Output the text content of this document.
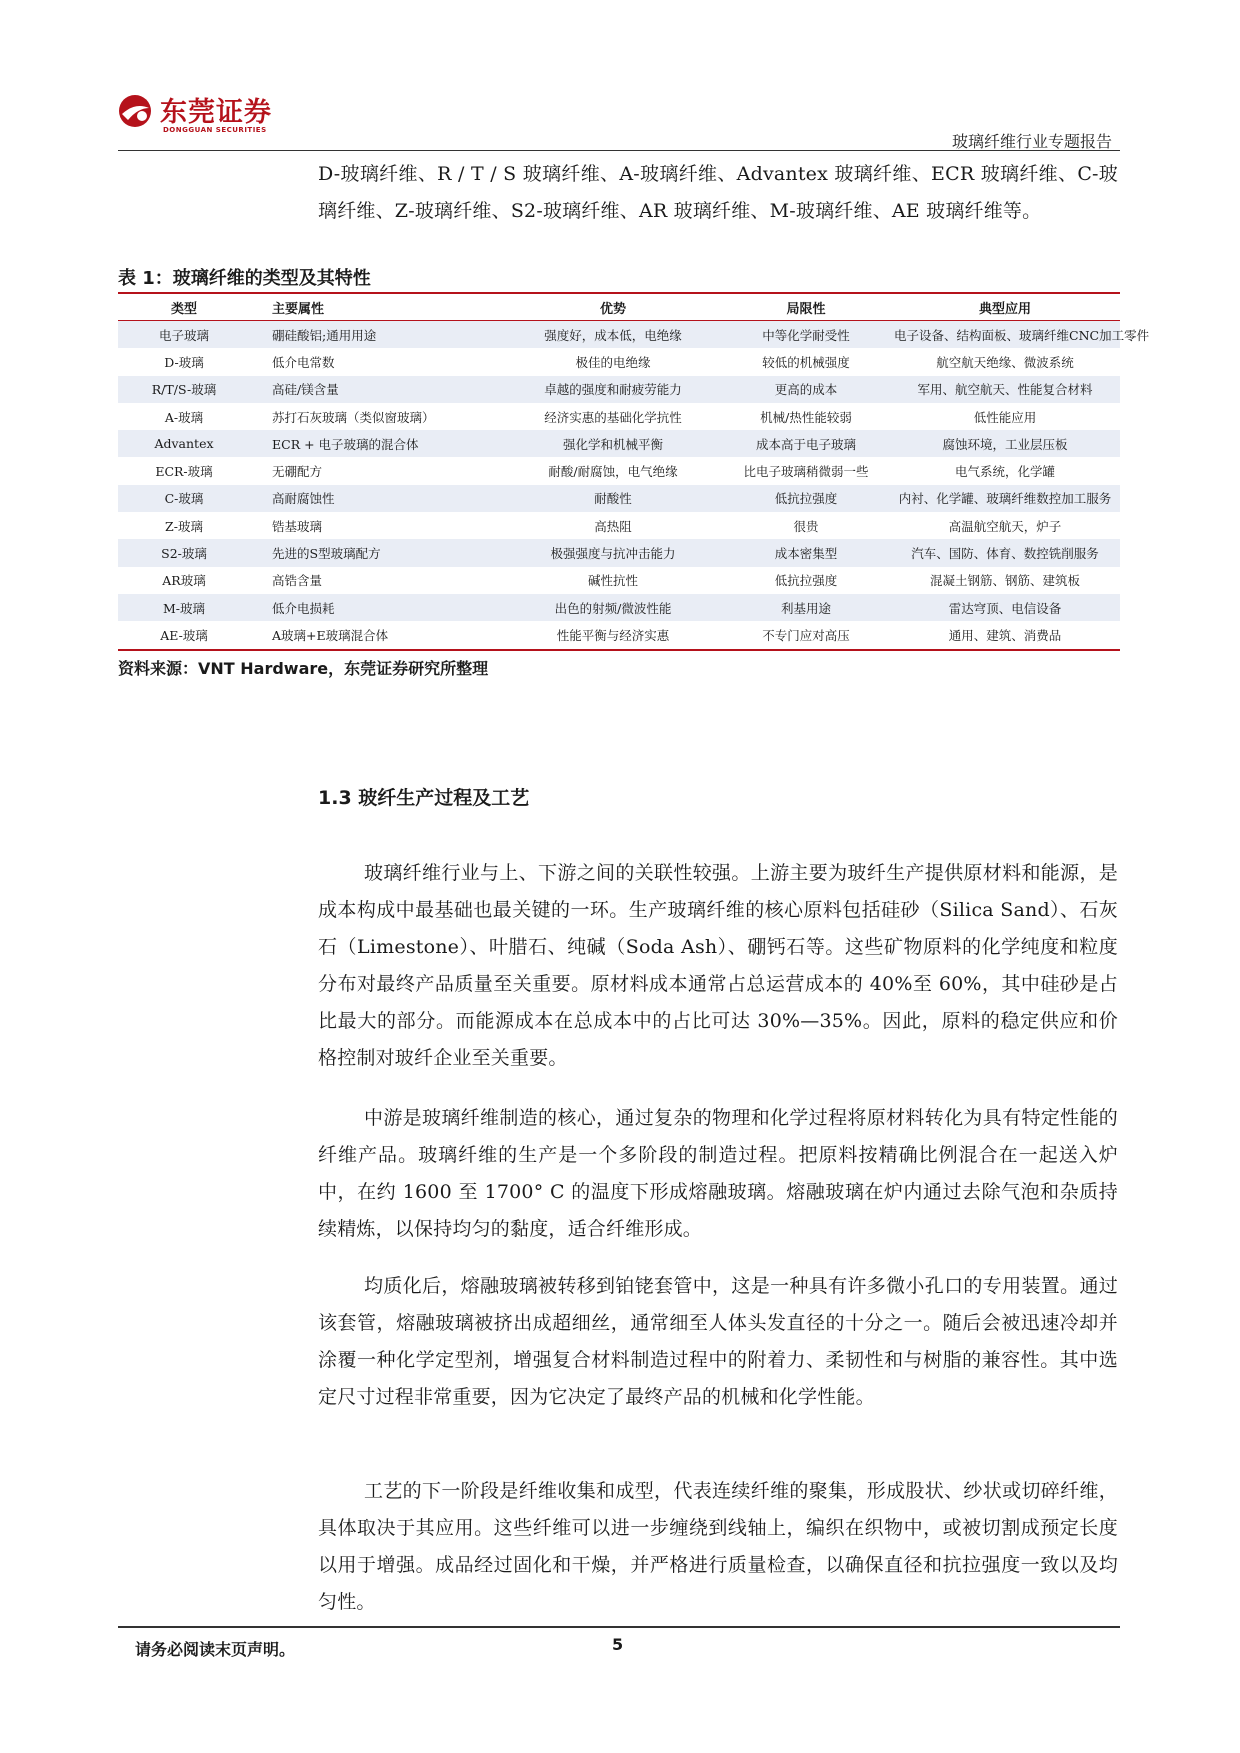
东莞证券
DONGGUAN SECURITIES
玻璃纤维行业专题报告

D-玻璃纤维、R / T / S 玻璃纤维、A-玻璃纤维、Advantex 玻璃纤维、ECR 玻璃纤维、C-玻璃纤维、Z-玻璃纤维、S2-玻璃纤维、AR 玻璃纤维、M-玻璃纤维、AE 玻璃纤维等。

表 1：玻璃纤维的类型及其特性
类型	主要属性	优势	局限性	典型应用
电子玻璃	硼硅酸铝;通用用途	强度好，成本低，电绝缘	中等化学耐受性	电子设备、结构面板、玻璃纤维CNC加工零件
D-玻璃	低介电常数	极佳的电绝缘	较低的机械强度	航空航天绝缘、微波系统
R/T/S-玻璃	高硅/镁含量	卓越的强度和耐疲劳能力	更高的成本	军用、航空航天、性能复合材料
A-玻璃	苏打石灰玻璃（类似窗玻璃）	经济实惠的基础化学抗性	机械/热性能较弱	低性能应用
Advantex	ECR + 电子玻璃的混合体	强化学和机械平衡	成本高于电子玻璃	腐蚀环境，工业层压板
ECR-玻璃	无硼配方	耐酸/耐腐蚀，电气绝缘	比电子玻璃稍微弱一些	电气系统，化学罐
C-玻璃	高耐腐蚀性	耐酸性	低抗拉强度	内衬、化学罐、玻璃纤维数控加工服务
Z-玻璃	锆基玻璃	高热阻	很贵	高温航空航天，炉子
S2-玻璃	先进的S型玻璃配方	极强强度与抗冲击能力	成本密集型	汽车、国防、体育、数控铣削服务
AR玻璃	高锆含量	碱性抗性	低抗拉强度	混凝土钢筋、钢筋、建筑板
M-玻璃	低介电损耗	出色的射频/微波性能	利基用途	雷达穹顶、电信设备
AE-玻璃	A玻璃+E玻璃混合体	性能平衡与经济实惠	不专门应对高压	通用、建筑、消费品
资料来源：VNT Hardware，东莞证券研究所整理
1.3 玻纤生产过程及工艺

玻璃纤维行业与上、下游之间的关联性较强。上游主要为玻纤生产提供原材料和能源，是成本构成中最基础也最关键的一环。生产玻璃纤维的核心原料包括硅砂（Silica Sand）、石灰石（Limestone）、叶腊石、纯碱（Soda Ash）、硼钙石等。这些矿物原料的化学纯度和粒度分布对最终产品质量至关重要。原材料成本通常占总运营成本的 40%至 60%，其中硅砂是占比最大的部分。而能源成本在总成本中的占比可达 30%—35%。因此，原料的稳定供应和价格控制对玻纤企业至关重要。

中游是玻璃纤维制造的核心，通过复杂的物理和化学过程将原材料转化为具有特定性能的纤维产品。玻璃纤维的生产是一个多阶段的制造过程。把原料按精确比例混合在一起送入炉中，在约 1600 至 1700° C 的温度下形成熔融玻璃。熔融玻璃在炉内通过去除气泡和杂质持续精炼，以保持均匀的黏度，适合纤维形成。

均质化后，熔融玻璃被转移到铂铑套管中，这是一种具有许多微小孔口的专用装置。通过该套管，熔融玻璃被挤出成超细丝，通常细至人体头发直径的十分之一。随后会被迅速冷却并涂覆一种化学定型剂，增强复合材料制造过程中的附着力、柔韧性和与树脂的兼容性。其中选定尺寸过程非常重要，因为它决定了最终产品的机械和化学性能。

工艺的下一阶段是纤维收集和成型，代表连续纤维的聚集，形成股状、纱状或切碎纤维，具体取决于其应用。这些纤维可以进一步缠绕到线轴上，编织在织物中，或被切割成预定长度以用于增强。成品经过固化和干燥，并严格进行质量检查，以确保直径和抗拉强度一致以及均匀性。

请务必阅读末页声明。	5
